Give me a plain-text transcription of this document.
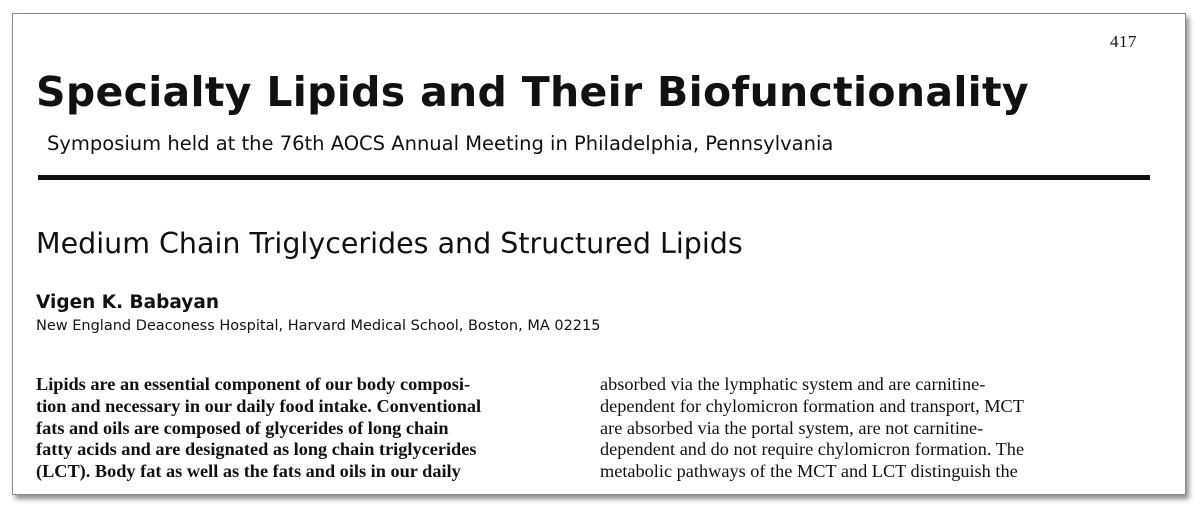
417
Specialty Lipids and Their Biofunctionality
Symposium held at the 76th AOCS Annual Meeting in Philadelphia, Pennsylvania
Medium Chain Triglycerides and Structured Lipids
Vigen K. Babayan
New England Deaconess Hospital, Harvard Medical School, Boston, MA 02215
Lipids are an essential component of our body composi-
tion and necessary in our daily food intake. Conventional
fats and oils are composed of glycerides of long chain
fatty acids and are designated as long chain triglycerides
(LCT). Body fat as well as the fats and oils in our daily
absorbed via the lymphatic system and are carnitine-
dependent for chylomicron formation and transport, MCT
are absorbed via the portal system, are not carnitine-
dependent and do not require chylomicron formation. The
metabolic pathways of the MCT and LCT distinguish the
